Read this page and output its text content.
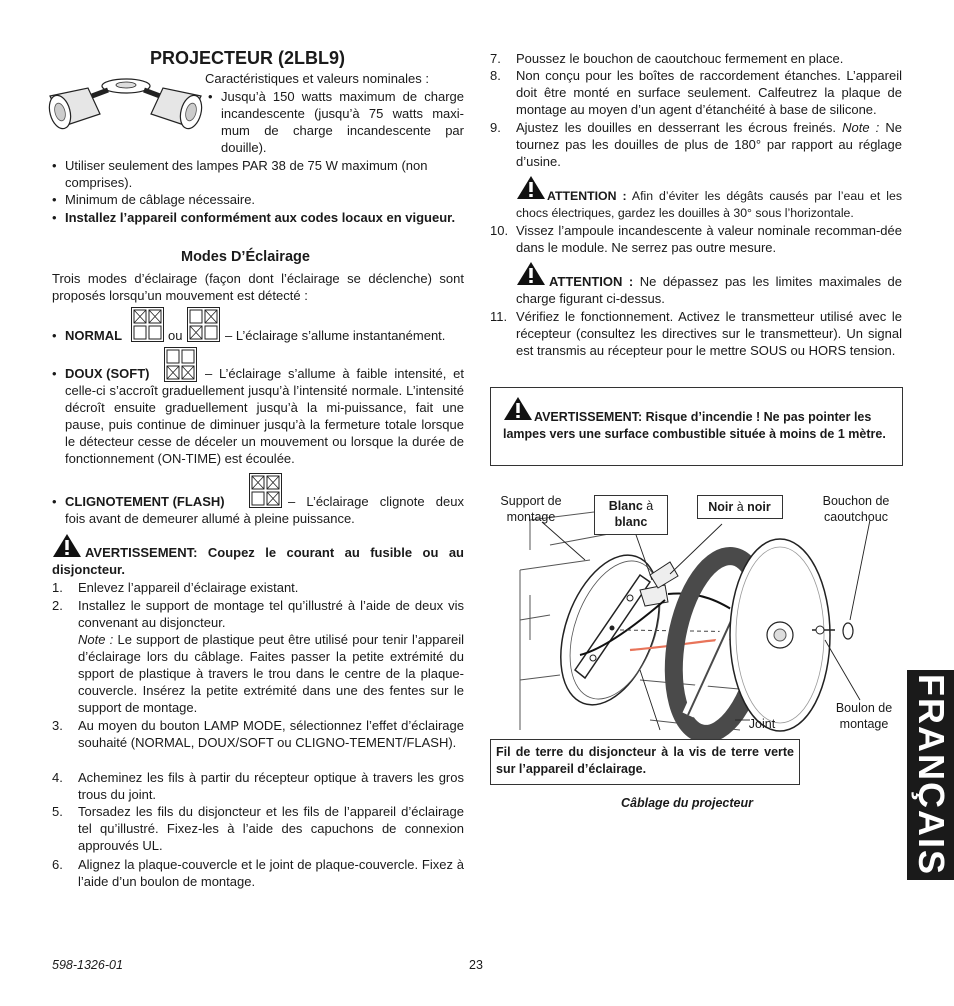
PROJECTEUR (2LBL9)
Caractéristiques et valeurs nominales :
• Jusqu’à 150 watts maximum de charge
incandescente (jusqu’à 75 watts maxi-
mum de charge incandescente par
douille).
• Utiliser seulement des lampes PAR 38 de 75 W maximum (non comprises).
• Minimum de câblage nécessaire.
• Installez l’appareil conformément aux codes locaux en vigueur.
Modes D’Éclairage
Trois modes d’éclairage (façon dont l’éclairage se déclenche) sont proposés lorsqu’un mouvement est détecté :
• NORMAL	ou	– L’éclairage s’allume instantanément.
• DOUX (SOFT)	– L’éclairage s’allume à faible intensité, et celle-ci s’accroît graduellement jusqu’à l’intensité normale. L’intensité décroît ensuite graduellement jusqu’à la mi-puissance, fait une pause, puis continue de diminuer jusqu’à la fermeture totale lorsque le détecteur cesse de déceler un mouvement ou lorsque la durée de fonctionnement (ON-TIME) est écoulée.
• CLIGNOTEMENT (FLASH)	– L’éclairage clignote deux fois avant de demeurer allumé à pleine puissance.
AVERTISSEMENT: Coupez le courant au fusible ou au disjoncteur.
1. Enlevez l’appareil d’éclairage existant.
2. Installez le support de montage tel qu’illustré à l’aide de deux vis convenant au disjoncteur.
Note : Le support de plastique peut être utilisé pour tenir l’appareil d’éclairage lors du câblage. Faites passer la petite extrémité du spport de plastique à travers le trou dans le centre de la plaque-couvercle. Insérez la petite extrémité dans une des fentes sur le support de montage.
3. Au moyen du bouton LAMP MODE, sélectionnez l’effet d’éclairage souhaité (NORMAL, DOUX/SOFT ou CLIGNO-TEMENT/FLASH).
4. Acheminez les fils à partir du récepteur optique à travers les gros trous du joint.
5. Torsadez les fils du disjoncteur et les fils de l’appareil d’éclairage tel qu’illustré. Fixez-les à l’aide des capuchons de connexion approuvés UL.
6. Alignez la plaque-couvercle et le joint de plaque-couvercle. Fixez à l’aide d’un boulon de montage.
7. Poussez le bouchon de caoutchouc fermement en place.
8. Non conçu pour les boîtes de raccordement étanches. L’appareil doit être monté en surface seulement. Calfeutrez la plaque de montage au moyen d’un agent d’étanchéité à base de silicone.
9. Ajustez les douilles en desserrant les écrous freinés. Note : Ne tournez pas les douilles de plus de 180° par rapport au réglage d’usine.
ATTENTION : Afin d’éviter les dégâts causés par l’eau et les chocs électriques, gardez les douilles à 30° sous l’horizontale.
10. Vissez l’ampoule incandescente à valeur nominale recomman-dée dans le module. Ne serrez pas outre mesure.
ATTENTION : Ne dépassez pas les limites maximales de charge figurant ci-dessus.
11. Vérifiez le fonctionnement. Activez le transmetteur utilisé avec le récepteur (consultez les directives sur le transmetteur). Un signal est transmis au récepteur pour le mettre SOUS ou HORS tension.
AVERTISSEMENT: Risque d’incendie ! Ne pas pointer les lampes vers une surface combustible située à moins de 1 mètre.
Support de montage
Blanc à blanc
Noir à noir	Bouchon de caoutchouc
Joint
Boulon de montage
Fil de terre du disjoncteur à la vis de terre verte sur l’appareil d’éclairage.
Câblage du projecteur	FRANÇAIS
598-1326-01	23
